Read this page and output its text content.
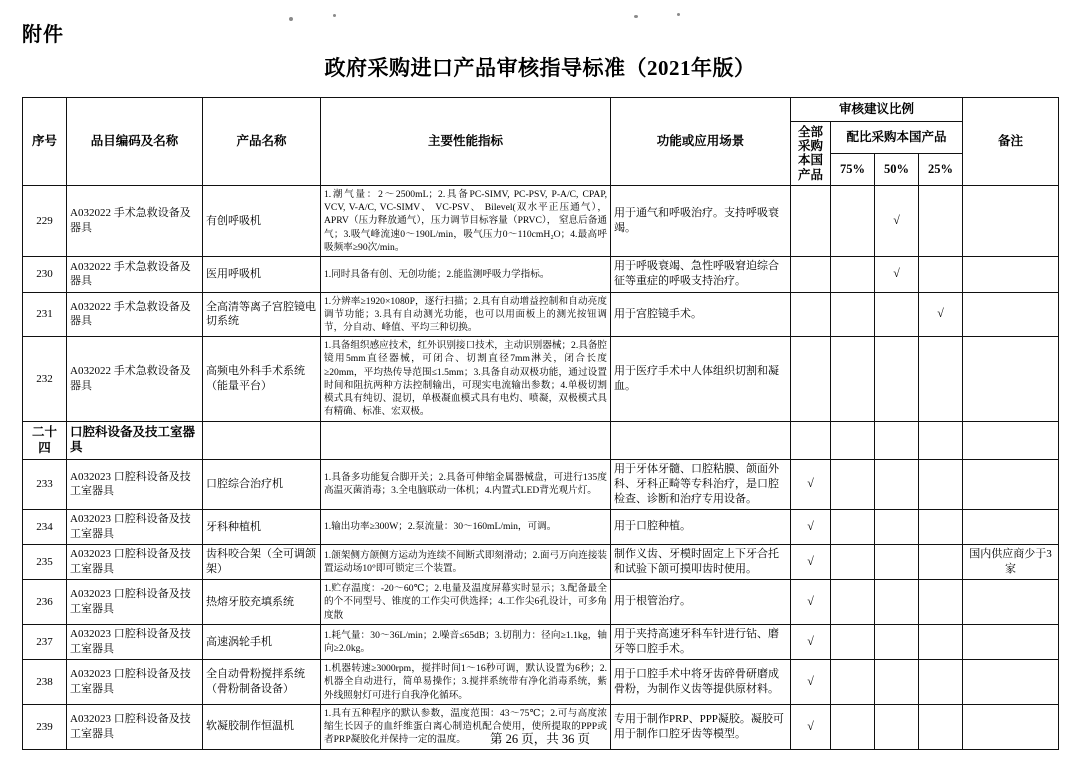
附件
政府采购进口产品审核指导标准（2021年版）
序号	品目编码及名称	产品名称	主要性能指标	功能或应用场景	审核建议比例				备注
					全部采购本国产品	配比采购本国产品			
						75%	50%	25%	
229	A032022 手术急救设备及器具	有创呼吸机	1.潮气量：2～2500mL；2.具备PC-SIMV, PC-PSV, P-A/C, CPAP, VCV, V-A/C, VC-SIMV、 VC-PSV、 Bilevel(双水平正压通气），APRV（压力释放通气），压力调节目标容量（PRVC）， 窒息后备通气；3.吸气峰流速0～190L/min，吸气压力0～110cmH₂O；4.最高呼吸频率≥90次/min。	用于通气和呼吸治疗。支持呼吸衰竭。			√		
230	A032022 手术急救设备及器具	医用呼吸机	1.同时具备有创、无创功能；2.能监测呼吸力学指标。	用于呼吸衰竭、急性呼吸窘迫综合征等重症的呼吸支持治疗。			√		
231	A032022 手术急救设备及器具	全高清等离子宫腔镜电切系统	1.分辨率≥1920×1080P，逐行扫描；2.具有自动增益控制和自动亮度调节功能；3.具有自动测光功能，也可以用面板上的测光按钮调节，分自动、峰值、平均三种切换。	用于宫腔镜手术。				√	
232	A032022 手术急救设备及器具	高频电外科手术系统（能量平台）	1.具备组织感应技术，红外识别接口技术，主动识别器械；2.具备腔镜用5mm直径器械，可闭合、切割直径7mm淋关，闭合长度≥20mm，平均热传导范围≤1.5mm；3.具备自动双极功能，通过设置时间和阻抗两种方法控制输出，可现实电流输出参数；4.单极切割模式具有纯切、混切，单极凝血模式具有电灼、喷凝，双极模式具有精确、标准、宏双极。	用于医疗手术中人体组织切割和凝血。					
二十四	口腔科设备及技工室器具								
233	A032023 口腔科设备及技工室器具	口腔综合治疗机	1.具备多功能复合脚开关；2.具备可伸缩金属器械盘，可进行135度高温灭菌消毒；3.全电脑联动一体机；4.内置式LED背光观片灯。	用于牙体牙髓、口腔粘膜、颌面外科、牙科正畸等专科治疗，是口腔检查、诊断和治疗专用设备。	√				
234	A032023 口腔科设备及技工室器具	牙科种植机	1.输出功率≥300W；2.泵流量：30～160mL/min，可调。	用于口腔种植。	√				
235	A032023 口腔科设备及技工室器具	齿科咬合架（全可调颌架）	1.颌架侧方颌侧方运动为连续不间断式即刻滑动；2.面弓万向连接装置运动场10°即可锁定三个装置。	制作义齿、牙模时固定上下牙合托和试验下颌可摸叩齿时使用。	√				国内供应商少于3家
236	A032023 口腔科设备及技工室器具	热熔牙胶充填系统	1.贮存温度：-20～60℃；2.电量及温度屏幕实时显示；3.配备最全的个不同型号、锥度的工作尖可供选择；4.工作尖6孔设计，可多角度散	用于根管治疗。	√				
237	A032023 口腔科设备及技工室器具	高速涡轮手机	1.耗气量：30～36L/min；2.噪音≤65dB；3.切削力：径向≥1.1kg，轴向≥2.0kg。	用于夹持高速牙科车针进行钻、磨牙等口腔手术。	√				
238	A032023 口腔科设备及技工室器具	全自动骨粉搅拌系统（骨粉制备设备）	1.机器转速≥3000rpm，搅拌时间1～16秒可调，默认设置为6秒；2.机器全自动进行，简单易操作；3.搅拌系统带有净化消毒系统，紫外线照射灯可进行自我净化循环。	用于口腔手术中将牙齿碎骨研磨成骨粉，为制作义齿等提供原材料。	√				
239	A032023 口腔科设备及技工室器具	软凝胶制作恒温机	1.具有五种程序的默认参数，温度范围：43～75℃；2.可与高度浓缩生长因子的血纤维蛋白离心制造机配合使用，使所提取的PPP或者PRP凝胶化并保持一定的温度。	专用于制作PRP、PPP凝胶。凝胶可用于制作口腔牙齿等模型。	√				
第 26 页，共 36 页
